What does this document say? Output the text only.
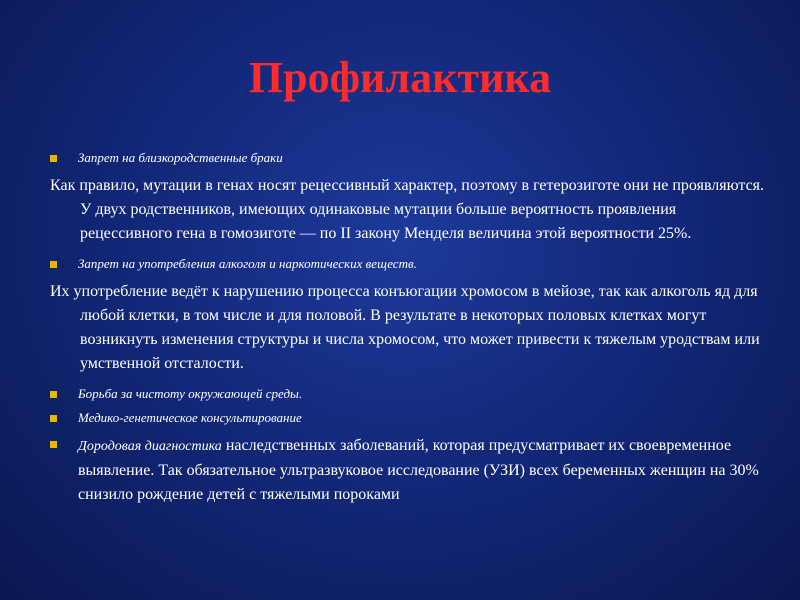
Профилактика
Запрет на близкородственные браки
Как правило, мутации в генах носят рецессивный характер, поэтому в гетерозиготе они не проявляются. У двух родственников, имеющих одинаковые мутации больше вероятность проявления рецессивного гена в гомозиготе — по II закону Менделя величина этой вероятности 25%.
Запрет на употребления алкоголя и наркотических веществ.
Их употребление ведёт к нарушению процесса конъюгации хромосом в мейозе, так как алкоголь яд для любой клетки, в том числе и для половой. В результате в некоторых половых клетках могут возникнуть изменения структуры и числа хромосом, что может привести к тяжелым уродствам или умственной отсталости.
Борьба за чистоту окружающей среды.
Медико-генетическое консультирование
Дородовая диагностика наследственных заболеваний, которая предусматривает их своевременное выявление. Так обязательное ультразвуковое исследование (УЗИ) всех беременных женщин на 30% снизило рождение детей с тяжелыми пороками
